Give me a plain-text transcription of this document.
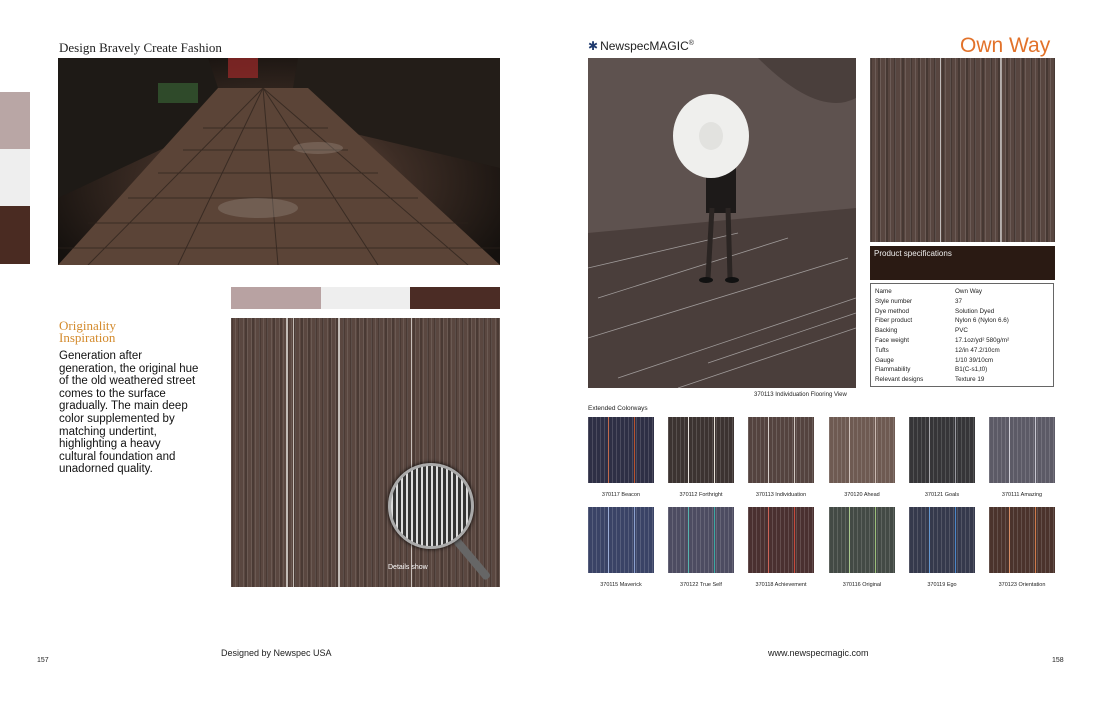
Design Bravely Create Fashion
Originality
Inspiration
Generation after generation, the original hue of the old weathered street comes to the surface gradually. The main deep color supplemented by matching undertint, highlighting a heavy cultural foundation and unadorned quality.
Details show
Designed by Newspec USA
157
✱ NewspecMAGIC®	Own Way
370113 Individuation Flooring View
Product specifications
Name	Own Way
Style number	37
Dye method	Solution Dyed
Fiber product	Nylon 6 (Nylon 6.6)
Backing	PVC
Face weight	17.1oz/yd² 580g/m²
Tufts	12/in 47.2/10cm
Gauge	1/10 39/10cm
Flammability	B1(C-s1,t0)
Relevant designs	Texture 19
Extended Colorways
370117 Beacon	370112 Forthright	370113 Individuation	370120 Ahead	370121 Goals	370111 Amazing
370115 Maverick	370122 True Self	370118 Achievement	370116 Original	370119 Ego	370123 Orientation
www.newspecmagic.com
158
